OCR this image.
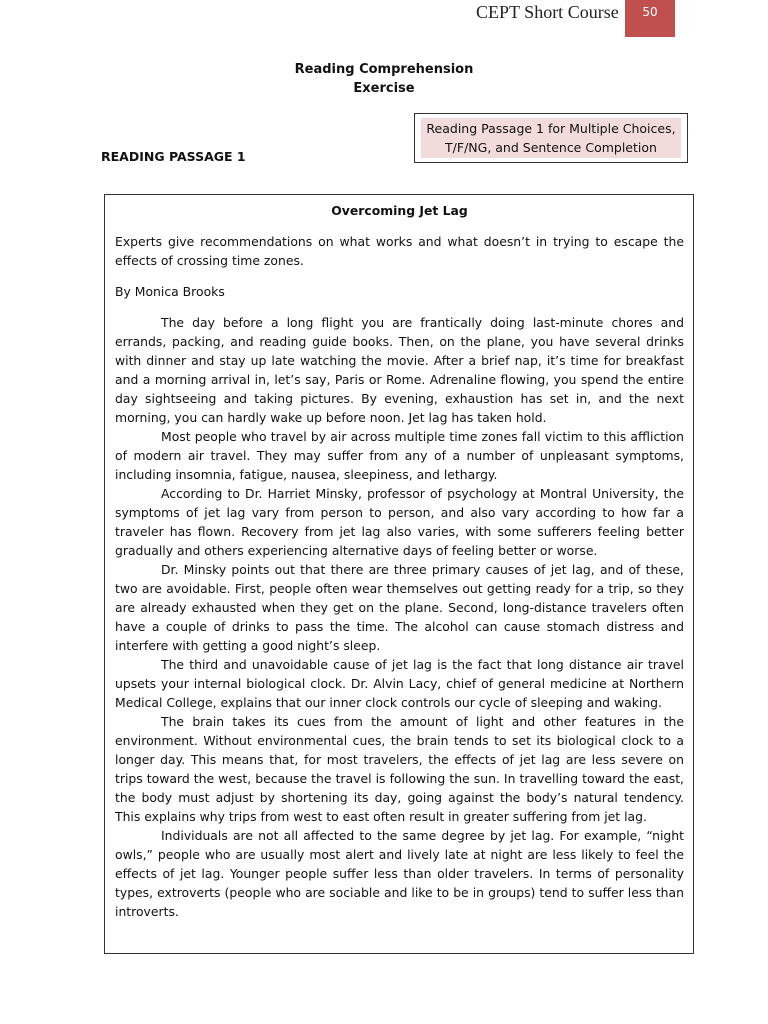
CEPT Short Course	50
Reading Comprehension
Exercise
Reading Passage 1 for Multiple Choices,
T/F/NG, and Sentence Completion
READING PASSAGE 1
Overcoming Jet Lag

Experts give recommendations on what works and what doesn’t in trying to escape the effects of crossing time zones.

By Monica Brooks

The day before a long flight you are frantically doing last-minute chores and errands, packing, and reading guide books. Then, on the plane, you have several drinks with dinner and stay up late watching the movie. After a brief nap, it’s time for breakfast and a morning arrival in, let’s say, Paris or Rome. Adrenaline flowing, you spend the entire day sightseeing and taking pictures. By evening, exhaustion has set in, and the next morning, you can hardly wake up before noon. Jet lag has taken hold.

Most people who travel by air across multiple time zones fall victim to this affliction of modern air travel. They may suffer from any of a number of unpleasant symptoms, including insomnia, fatigue, nausea, sleepiness, and lethargy.

According to Dr. Harriet Minsky, professor of psychology at Montral University, the symptoms of jet lag vary from person to person, and also vary according to how far a traveler has flown. Recovery from jet lag also varies, with some sufferers feeling better gradually and others experiencing alternative days of feeling better or worse.

Dr. Minsky points out that there are three primary causes of jet lag, and of these, two are avoidable. First, people often wear themselves out getting ready for a trip, so they are already exhausted when they get on the plane. Second, long-distance travelers often have a couple of drinks to pass the time. The alcohol can cause stomach distress and interfere with getting a good night’s sleep.

The third and unavoidable cause of jet lag is the fact that long distance air travel upsets your internal biological clock. Dr. Alvin Lacy, chief of general medicine at Northern Medical College, explains that our inner clock controls our cycle of sleeping and waking.

The brain takes its cues from the amount of light and other features in the environment. Without environmental cues, the brain tends to set its biological clock to a longer day. This means that, for most travelers, the effects of jet lag are less severe on trips toward the west, because the travel is following the sun. In travelling toward the east, the body must adjust by shortening its day, going against the body’s natural tendency. This explains why trips from west to east often result in greater suffering from jet lag.

Individuals are not all affected to the same degree by jet lag. For example, “night owls,” people who are usually most alert and lively late at night are less likely to feel the effects of jet lag. Younger people suffer less than older travelers. In terms of personality types, extroverts (people who are sociable and like to be in groups) tend to suffer less than introverts.
